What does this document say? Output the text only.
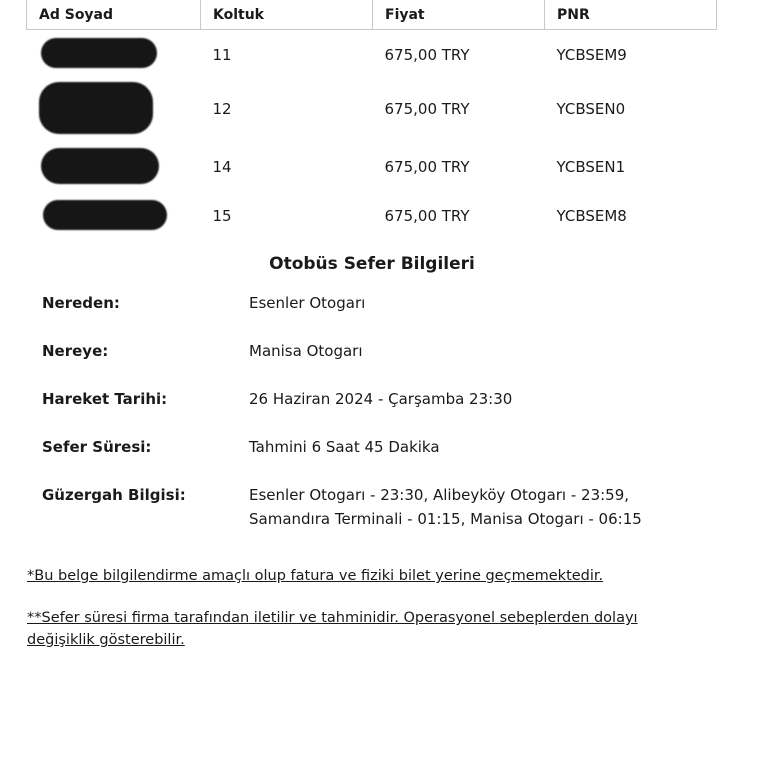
Ad Soyad	Koltuk	Fiyat	PNR

	11	675,00 TRY	YCBSEM9

	12	675,00 TRY	YCBSEN0

	14	675,00 TRY	YCBSEN1

	15	675,00 TRY	YCBSEM8
Otobüs Sefer Bilgileri
Nereden:	Esenler Otogarı
Nereye:	Manisa Otogarı
Hareket Tarihi:	26 Haziran 2024 - Çarşamba 23:30
Sefer Süresi:	Tahmini 6 Saat 45 Dakika
Güzergah Bilgisi:	Esenler Otogarı - 23:30, Alibeyköy Otogarı - 23:59,
Samandıra Terminali - 01:15, Manisa Otogarı - 06:15
*Bu belge bilgilendirme amaçlı olup fatura ve fiziki bilet yerine geçmemektedir.
**Sefer süresi firma tarafından iletilir ve tahminidir. Operasyonel sebeplerden dolayı
değişiklik gösterebilir.
